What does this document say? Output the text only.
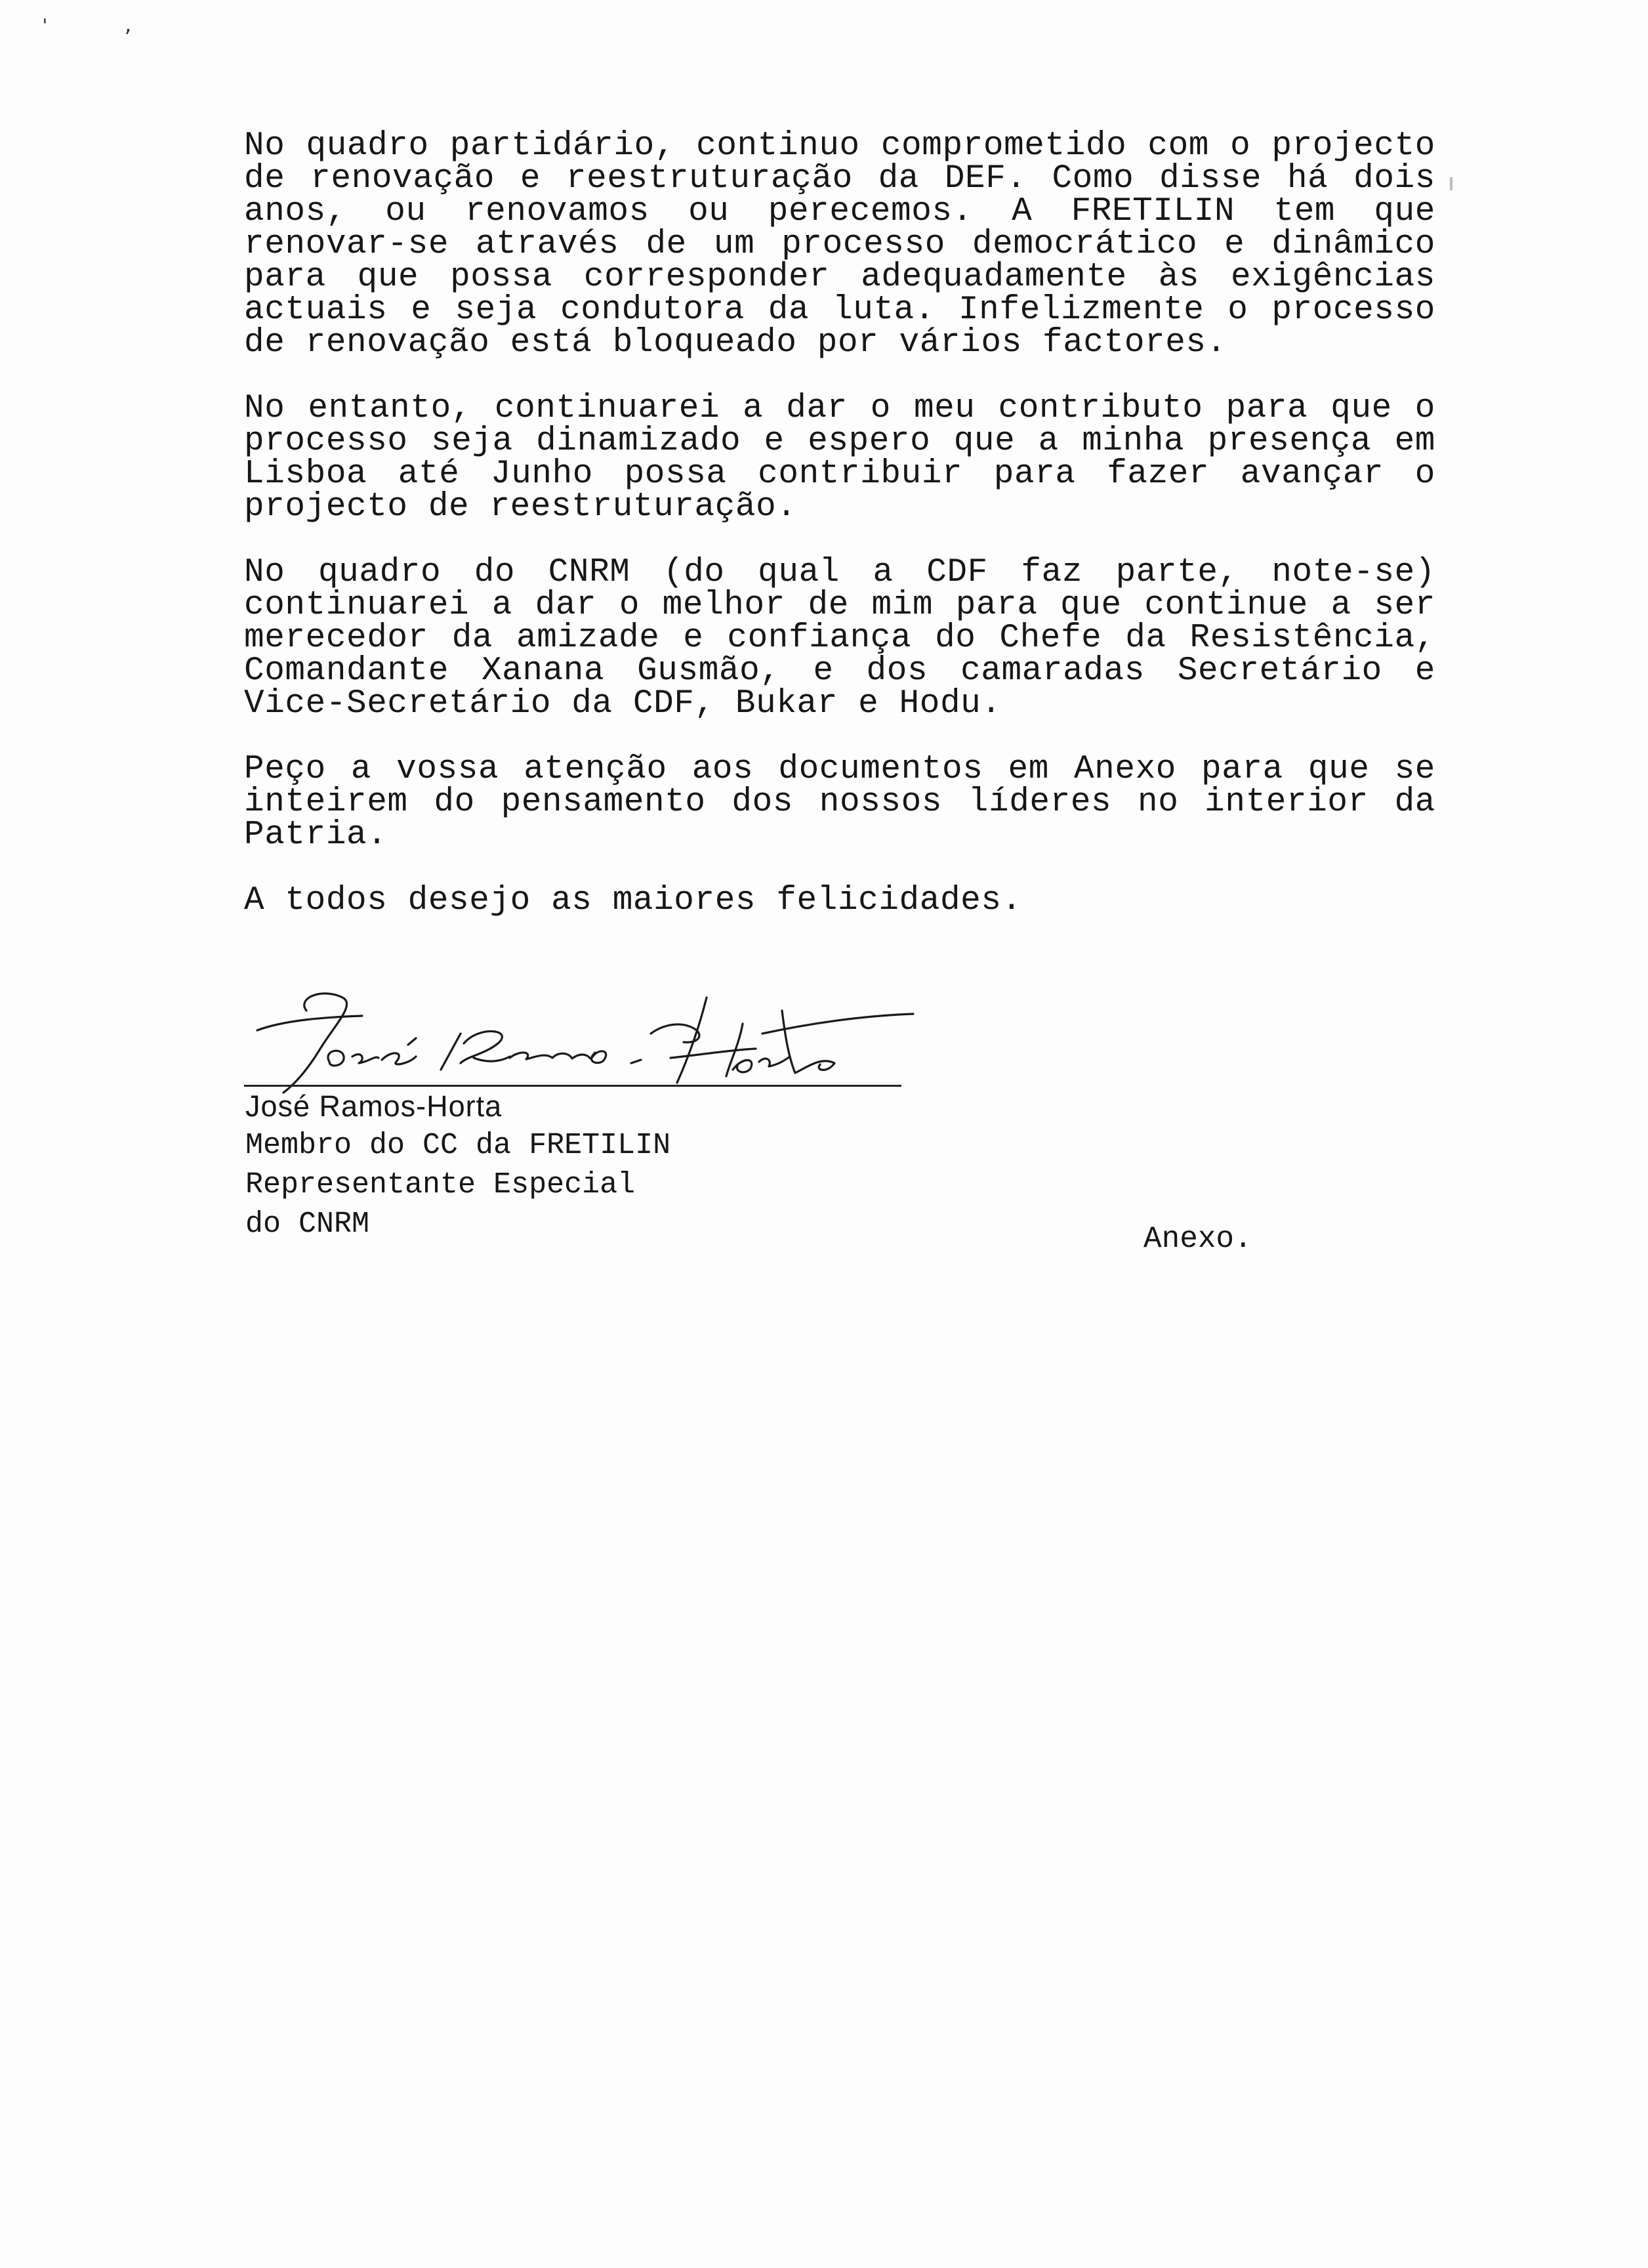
'‚

No quadro partidário, continuo comprometido com o projecto de renovação e reestruturação da DEF. Como disse há dois anos, ou renovamos ou perecemos. A FRETILIN tem que renovar-se através de um processo democrático e dinâmico para que possa corresponder adequadamente às exigências actuais e seja condutora da luta. Infelizmente o processo de renovação está bloqueado por vários factores.

No entanto, continuarei a dar o meu contributo para que o processo seja dinamizado e espero que a minha presença em Lisboa até Junho possa contribuir para fazer avançar o projecto de reestruturação.

No quadro do CNRM (do qual a CDF faz parte, note-se) continuarei a dar o melhor de mim para que continue a ser merecedor da amizade e confiança do Chefe da Resistência, Comandante Xanana Gusmão, e dos camaradas Secretário e Vice-Secretário da CDF, Bukar e Hodu.

Peço a vossa atenção aos documentos em Anexo para que se inteirem do pensamento dos nossos líderes no interior da Patria.

A todos desejo as maiores felicidades.

José Ramos-Horta
Membro do CC da FRETILIN
Representante Especial
do CNRM	Anexo.
